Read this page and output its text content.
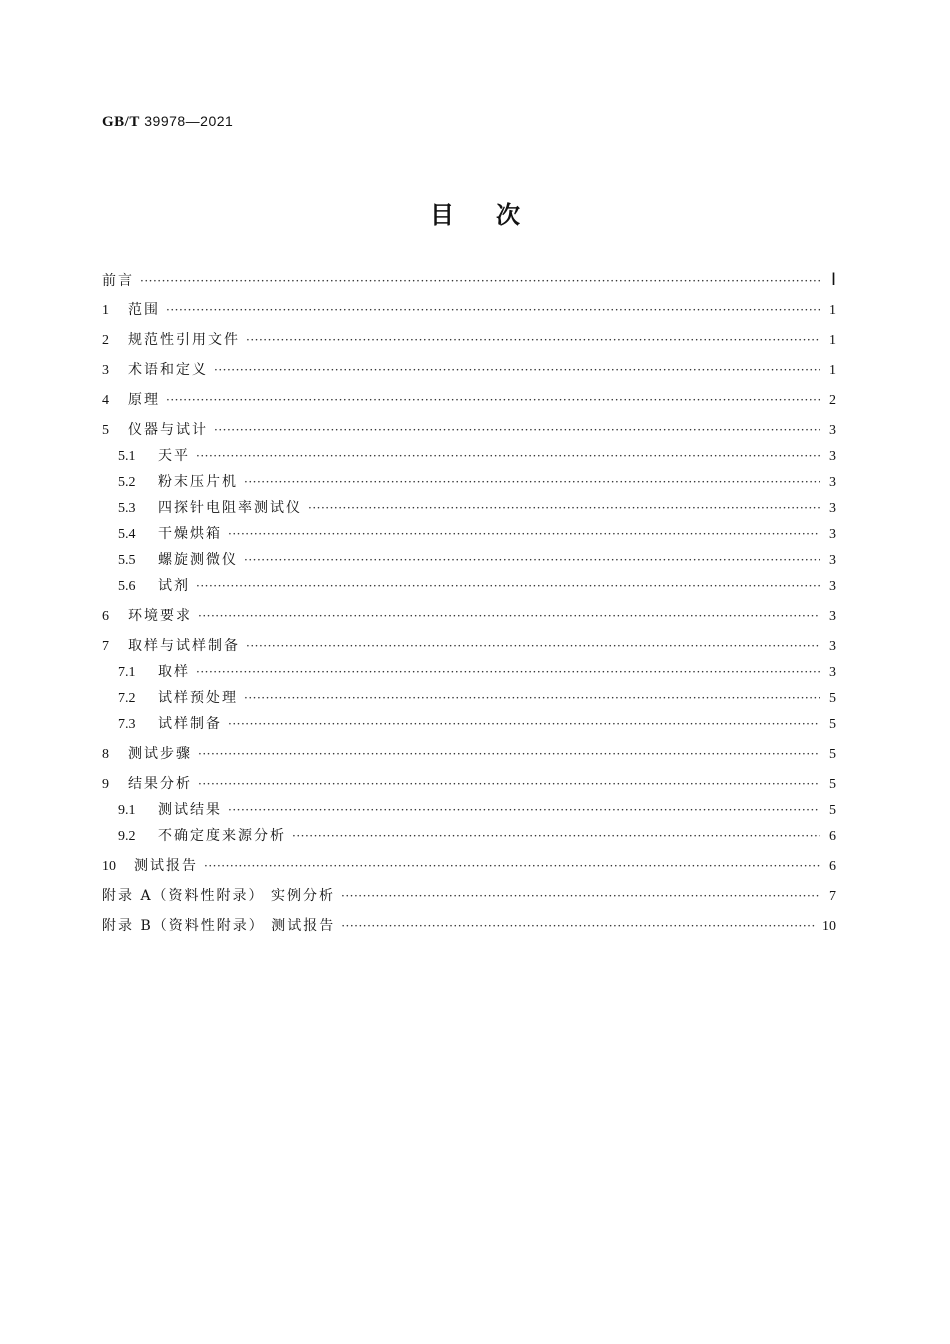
GB/T 39978—2021
目次
前言 ·····	Ⅰ
1	范围 ·····	1
2	规范性引用文件 ·····	1
3	术语和定义 ·····	1
4	原理 ·····	2
5	仪器与试计 ·····	3
5.1	天平 ·····	3
5.2	粉末压片机 ·····	3
5.3	四探针电阻率测试仪 ·····	3
5.4	干燥烘箱 ·····	3
5.5	螺旋测微仪 ·····	3
5.6	试剂 ·····	3
6	环境要求 ·····	3
7	取样与试样制备 ·····	3
7.1	取样 ·····	3
7.2	试样预处理 ·····	5
7.3	试样制备 ·····	5
8	测试步骤 ·····	5
9	结果分析 ·····	5
9.1	测试结果 ·····	5
9.2	不确定度来源分析 ·····	6
10	测试报告 ·····	6
附录 A（资料性附录） 实例分析 ·····	7
附录 B（资料性附录） 测试报告 ·····	10
